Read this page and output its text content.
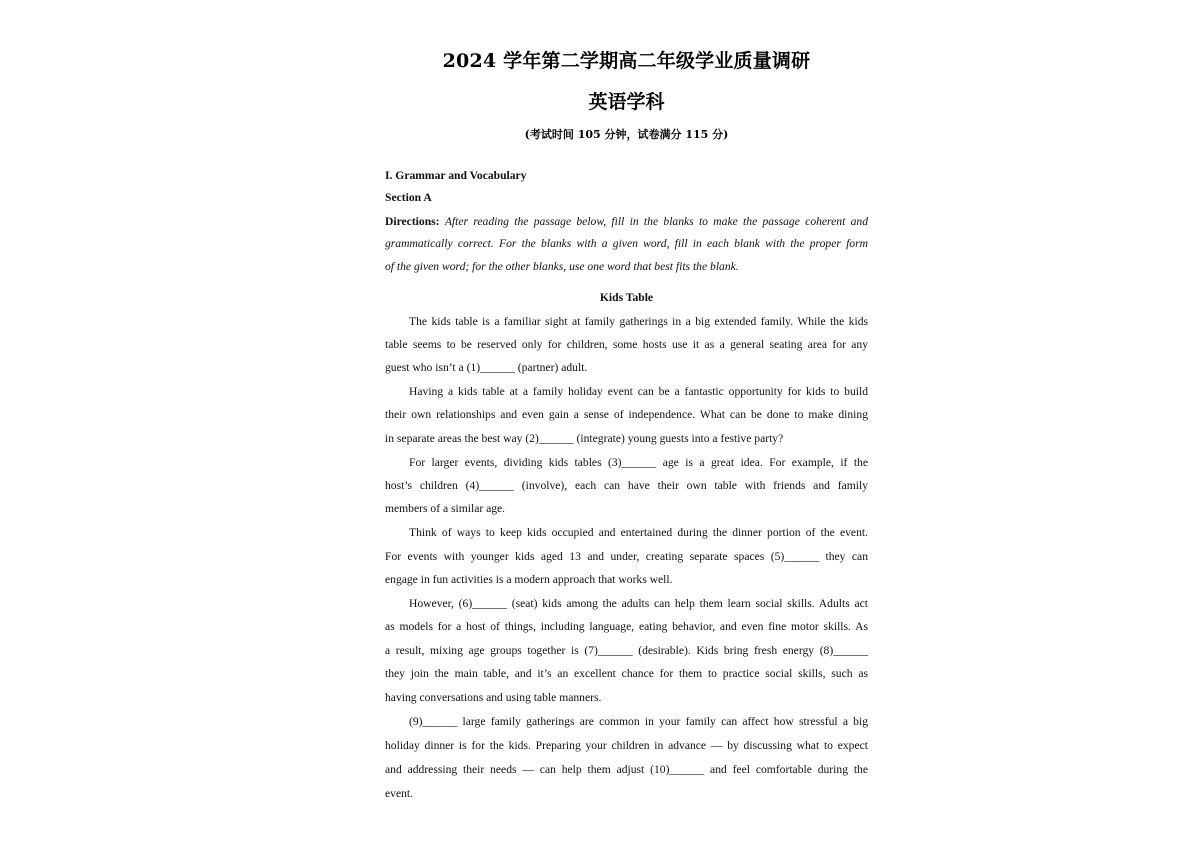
2024 学年第二学期高二年级学业质量调研
英语学科
(考试时间 105 分钟，试卷满分 115 分)
I. Grammar and Vocabulary
Section A
Directions: After reading the passage below, fill in the blanks to make the passage coherent and
grammatically correct. For the blanks with a given word, fill in each blank with the proper form
of the given word; for the other blanks, use one word that best fits the blank.
Kids Table
The kids table is a familiar sight at family gatherings in a big extended family. While the kids
table seems to be reserved only for children, some hosts use it as a general seating area for any
guest who isn’t a (1)______ (partner) adult.
Having a kids table at a family holiday event can be a fantastic opportunity for kids to build
their own relationships and even gain a sense of independence. What can be done to make dining
in separate areas the best way (2)______ (integrate) young guests into a festive party?
For larger events, dividing kids tables (3)______ age is a great idea. For example, if the
host’s children (4)______ (involve), each can have their own table with friends and family
members of a similar age.
Think of ways to keep kids occupied and entertained during the dinner portion of the event.
For events with younger kids aged 13 and under, creating separate spaces (5)______ they can
engage in fun activities is a modern approach that works well.
However, (6)______ (seat) kids among the adults can help them learn social skills. Adults act
as models for a host of things, including language, eating behavior, and even fine motor skills. As
a result, mixing age groups together is (7)______ (desirable). Kids bring fresh energy (8)______
they join the main table, and it’s an excellent chance for them to practice social skills, such as
having conversations and using table manners.
(9)______ large family gatherings are common in your family can affect how stressful a big
holiday dinner is for the kids. Preparing your children in advance — by discussing what to expect
and addressing their needs — can help them adjust (10)______ and feel comfortable during the
event.
